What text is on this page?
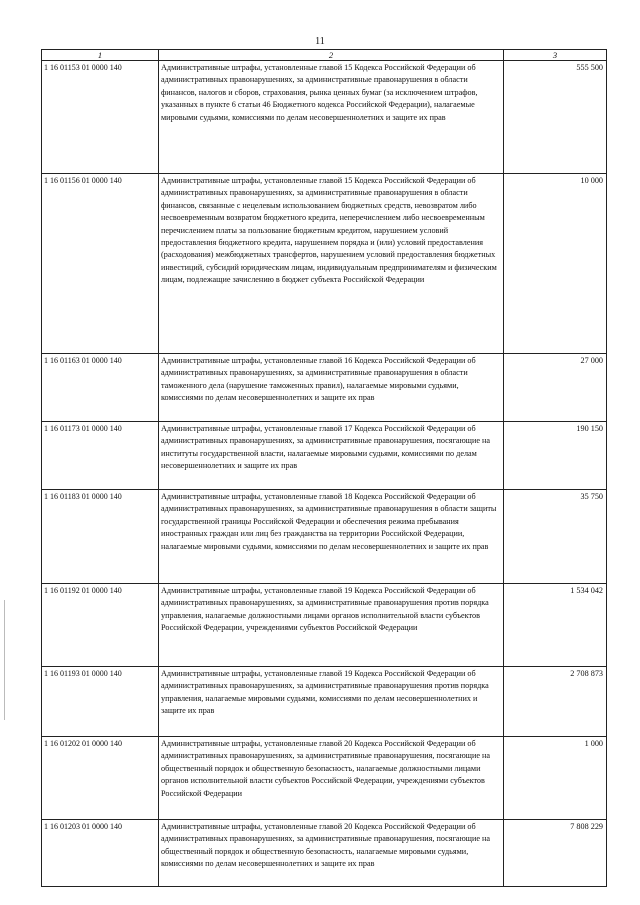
11
1	2	3
1 16 01153 01 0000 140	Административные штрафы, установленные главой 15 Кодекса Российской Федерации об административных правонарушениях, за административные правонарушения в области финансов, налогов и сборов, страхования, рынка ценных бумаг (за исключением штрафов, указанных в пункте 6 статьи 46 Бюджетного кодекса Российской Федерации), налагаемые мировыми судьями, комиссиями по делам несовершеннолетних и защите их прав	555 500
1 16 01156 01 0000 140	Административные штрафы, установленные главой 15 Кодекса Российской Федерации об административных правонарушениях, за административные правонарушения в области финансов, связанные с нецелевым использованием бюджетных средств, невозвратом либо несвоевременным возвратом бюджетного кредита, неперечислением либо несвоевременным перечислением платы за пользование бюджетным кредитом, нарушением условий предоставления бюджетного кредита, нарушением порядка и (или) условий предоставления (расходования) межбюджетных трансфертов, нарушением условий предоставления бюджетных инвестиций, субсидий юридическим лицам, индивидуальным предпринимателям и физическим лицам, подлежащие зачислению в бюджет субъекта Российской Федерации	10 000
1 16 01163 01 0000 140	Административные штрафы, установленные главой 16 Кодекса Российской Федерации об административных правонарушениях, за административные правонарушения в области таможенного дела (нарушение таможенных правил), налагаемые мировыми судьями, комиссиями по делам несовершеннолетних и защите их прав	27 000
1 16 01173 01 0000 140	Административные штрафы, установленные главой 17 Кодекса Российской Федерации об административных правонарушениях, за административные правонарушения, посягающие на институты государственной власти, налагаемые мировыми судьями, комиссиями по делам несовершеннолетних и защите их прав	190 150
1 16 01183 01 0000 140	Административные штрафы, установленные главой 18 Кодекса Российской Федерации об административных правонарушениях, за административные правонарушения в области защиты государственной границы Российской Федерации и обеспечения режима пребывания иностранных граждан или лиц без гражданства на территории Российской Федерации, налагаемые мировыми судьями, комиссиями по делам несовершеннолетних и защите их прав	35 750
1 16 01192 01 0000 140	Административные штрафы, установленные главой 19 Кодекса Российской Федерации об административных правонарушениях, за административные правонарушения против порядка управления, налагаемые должностными лицами органов исполнительной власти субъектов Российской Федерации, учреждениями субъектов Российской Федерации	1 534 042
1 16 01193 01 0000 140	Административные штрафы, установленные главой 19 Кодекса Российской Федерации об административных правонарушениях, за административные правонарушения против порядка управления, налагаемые мировыми судьями, комиссиями по делам несовершеннолетних и защите их прав	2 708 873
1 16 01202 01 0000 140	Административные штрафы, установленные главой 20 Кодекса Российской Федерации об административных правонарушениях, за административные правонарушения, посягающие на общественный порядок и общественную безопасность, налагаемые должностными лицами органов исполнительной власти субъектов Российской Федерации, учреждениями субъектов Российской Федерации	1 000
1 16 01203 01 0000 140	Административные штрафы, установленные главой 20 Кодекса Российской Федерации об административных правонарушениях, за административные правонарушения, посягающие на общественный порядок и общественную безопасность, налагаемые мировыми судьями, комиссиями по делам несовершеннолетних и защите их прав	7 808 229
